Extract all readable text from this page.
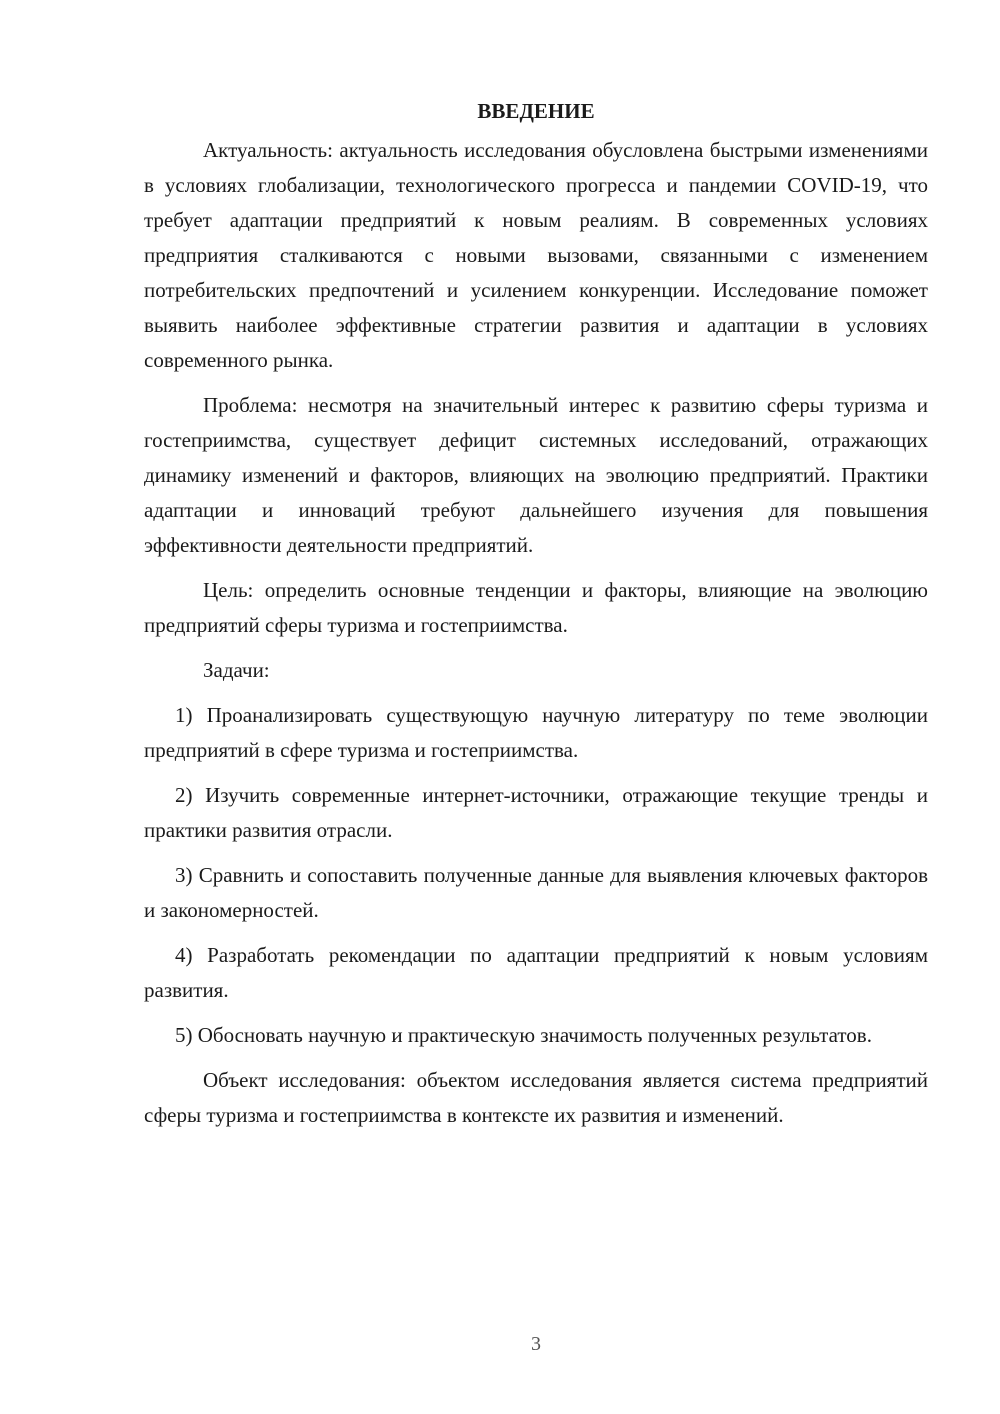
ВВЕДЕНИЕ

Актуальность: актуальность исследования обусловлена быстрыми изменениями в условиях глобализации, технологического прогресса и пандемии COVID-19, что требует адаптации предприятий к новым реалиям. В современных условиях предприятия сталкиваются с новыми вызовами, связанными с изменением потребительских предпочтений и усилением конкуренции. Исследование поможет выявить наиболее эффективные стратегии развития и адаптации в условиях современного рынка.

Проблема: несмотря на значительный интерес к развитию сферы туризма и гостеприимства, существует дефицит системных исследований, отражающих динамику изменений и факторов, влияющих на эволюцию предприятий. Практики адаптации и инноваций требуют дальнейшего изучения для повышения эффективности деятельности предприятий.

Цель: определить основные тенденции и факторы, влияющие на эволюцию предприятий сферы туризма и гостеприимства.

Задачи:

1) Проанализировать существующую научную литературу по теме эволюции предприятий в сфере туризма и гостеприимства.

2) Изучить современные интернет-источники, отражающие текущие тренды и практики развития отрасли.

3) Сравнить и сопоставить полученные данные для выявления ключевых факторов и закономерностей.

4) Разработать рекомендации по адаптации предприятий к новым условиям развития.

5) Обосновать научную и практическую значимость полученных результатов.

Объект исследования: объектом исследования является система предприятий сферы туризма и гостеприимства в контексте их развития и изменений.

3
